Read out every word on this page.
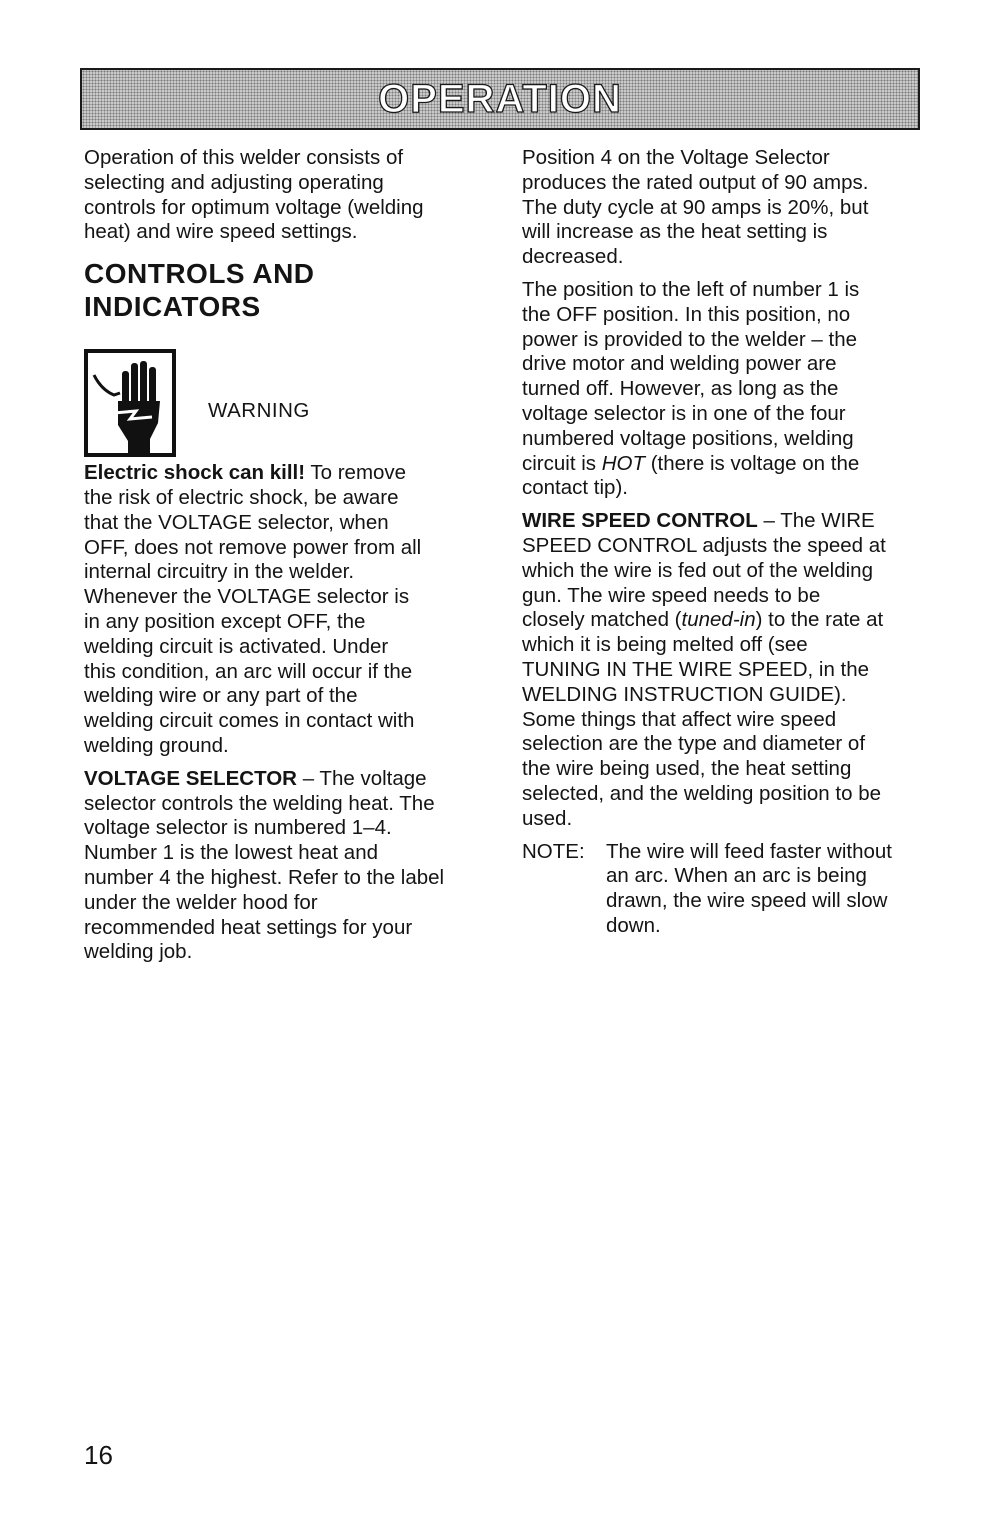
OPERATION

Operation of this welder consists of
selecting and adjusting operating
controls for optimum voltage (welding
heat) and wire speed settings.

CONTROLS AND
INDICATORS
WARNING

Electric shock can kill! To remove
the risk of electric shock, be aware
that the VOLTAGE selector, when
OFF, does not remove power from all
internal circuitry in the welder.
Whenever the VOLTAGE selector is
in any position except OFF, the
welding circuit is activated. Under
this condition, an arc will occur if the
welding wire or any part of the
welding circuit comes in contact with
welding ground.

VOLTAGE SELECTOR – The voltage
selector controls the welding heat. The
voltage selector is numbered 1–4.
Number 1 is the lowest heat and
number 4 the highest. Refer to the label
under the welder hood for
recommended heat settings for your
welding job.

Position 4 on the Voltage Selector
produces the rated output of 90 amps.
The duty cycle at 90 amps is 20%, but
will increase as the heat setting is
decreased.

The position to the left of number 1 is
the OFF position. In this position, no
power is provided to the welder – the
drive motor and welding power are
turned off. However, as long as the
voltage selector is in one of the four
numbered voltage positions, welding
circuit is HOT (there is voltage on the
contact tip).

WIRE SPEED CONTROL – The WIRE
SPEED CONTROL adjusts the speed at
which the wire is fed out of the welding
gun. The wire speed needs to be
closely matched (tuned-in) to the rate at
which it is being melted off (see
TUNING IN THE WIRE SPEED, in the
WELDING INSTRUCTION GUIDE).
Some things that affect wire speed
selection are the type and diameter of
the wire being used, the heat setting
selected, and the welding position to be
used.

NOTE:	The wire will feed faster without
an arc. When an arc is being
drawn, the wire speed will slow
down.
16
